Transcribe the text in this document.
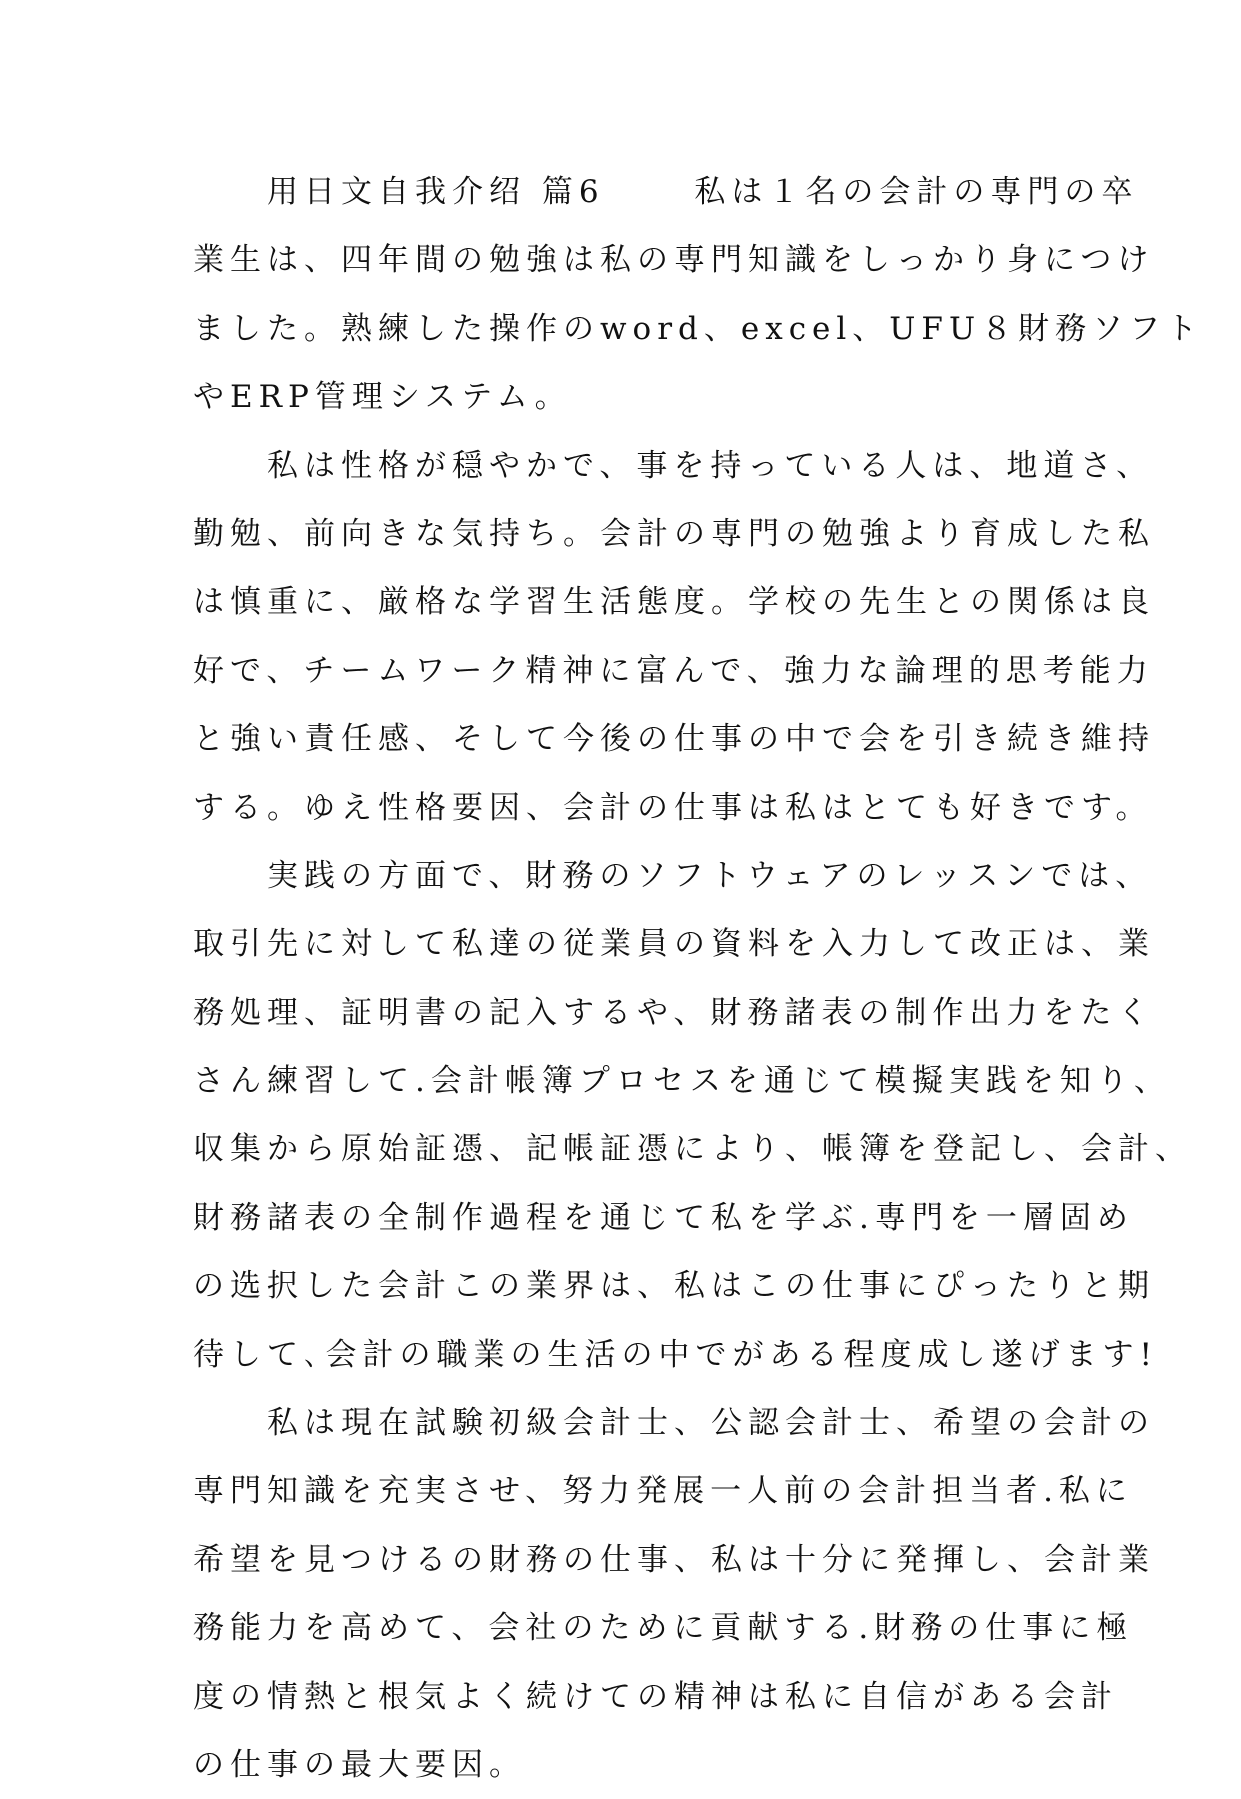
　　用日文自我介绍 篇6 　　私は１名の会計の専門の卒
業生は、四年間の勉強は私の専門知識をしっかり身につけ
ました。熟練した操作のword、excel、UFU８財務ソフト
やERP管理システム。
　　私は性格が穏やかで、事を持っている人は、地道さ、
勤勉、前向きな気持ち。会計の専門の勉強より育成した私
は慎重に、厳格な学習生活態度。学校の先生との関係は良
好で、チームワーク精神に富んで、強力な論理的思考能力
と強い責任感、そして今後の仕事の中で会を引き続き維持
する。ゆえ性格要因、会計の仕事は私はとても好きです。
　　実践の方面で、財務のソフトウェアのレッスンでは、
取引先に対して私達の従業員の資料を入力して改正は、業
務処理、証明書の記入するや、財務諸表の制作出力をたく
さん練習して.会計帳簿プロセスを通じて模擬実践を知り、
収集から原始証憑、記帳証憑により、帳簿を登記し、会計、
財務諸表の全制作過程を通じて私を学ぶ.専門を一層固め
の选択した会計この業界は、私はこの仕事にぴったりと期
待して､会計の職業の生活の中でがある程度成し遂げます!
　　私は現在試験初級会計士、公認会計士、希望の会計の
専門知識を充実させ、努力発展一人前の会計担当者.私に
希望を見つけるの財務の仕事、私は十分に発揮し、会計業
務能力を高めて、会社のために貢献する.財務の仕事に極
度の情熱と根気よく続けての精神は私に自信がある会計
の仕事の最大要因。
